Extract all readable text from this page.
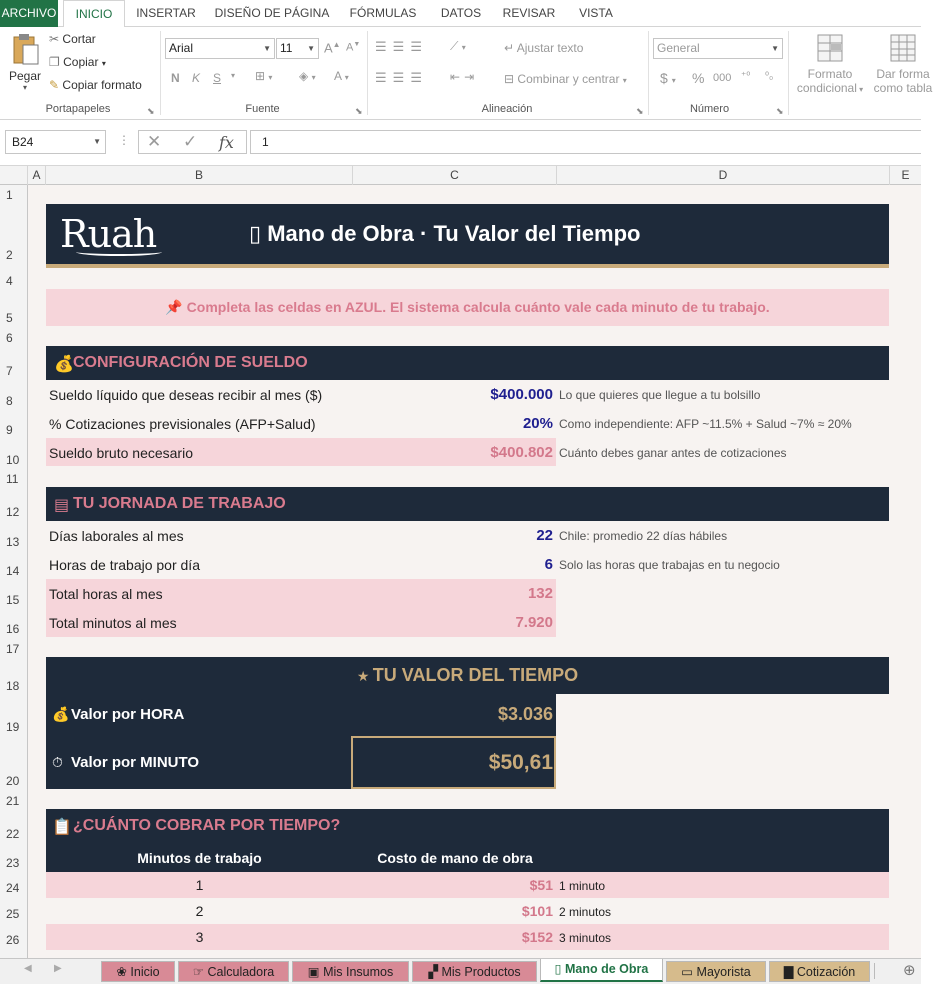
ARCHIVO	INICIO	INSERTAR	DISEÑO DE PÁGINA	FÓRMULAS	DATOS	REVISAR	VISTA
Pegar
▾
✂ Cortar
❐ Copiar ▾
✎ Copiar formato
Portapapeles	⬊
Arial	▼ 11 ▼ A▲ A▼
N K S ▾ ⊞ ▾ ◈ ▾ A ▾
Fuente	⬊
☰☰☰ ⟋ ▾
☰☰☰ ⇤⇥
↵ Ajustar texto
⊟ Combinar y centrar ▾
Alineación	⬊
General	▼
$ ▾ % 000 ⁺⁰ ⁰₀
Número	⬊
Formato
condicional ▾
Dar forma
como tabla
B24	▼ ⋮ ✕ ✓ fx	1
A	B	C	D	E
1
2
4
5
6
7
8
9
10
11
12
13
14
15
16
17
18
19
20
21
22
23
24
25
26
Ruah	▯ Mano de Obra · Tu Valor del Tiempo
📌 Completa las celdas en AZUL. El sistema calcula cuánto vale cada minuto de tu trabajo.
💰 CONFIGURACIÓN DE SUELDO
Sueldo líquido que deseas recibir al mes ($)	$400.000 Lo que quieres que llegue a tu bolsillo
% Cotizaciones previsionales (AFP+Salud)	20% Como independiente: AFP ~11.5% + Salud ~7% ≈ 20%
Sueldo bruto necesario	$400.802 Cuánto debes ganar antes de cotizaciones
▤ TU JORNADA DE TRABAJO
Días laborales al mes	22 Chile: promedio 22 días hábiles
Horas de trabajo por día	6 Solo las horas que trabajas en tu negocio
Total horas al mes	132
Total minutos al mes	7.920
★ TU VALOR DEL TIEMPO
💰 Valor por HORA	$3.036
⏱ Valor por MINUTO	$50,61
📋 ¿CUÁNTO COBRAR POR TIEMPO?
Minutos de trabajo	Costo de mano de obra
1	$51 1 minuto
2	$101 2 minutos
3	$152 3 minutos
◀ ▶	❀ Inicio	☞ Calculadora	▣ Mis Insumos	▞ Mis Productos	▯ Mano de Obra	▭ Mayorista	▇ Cotización	⊕
